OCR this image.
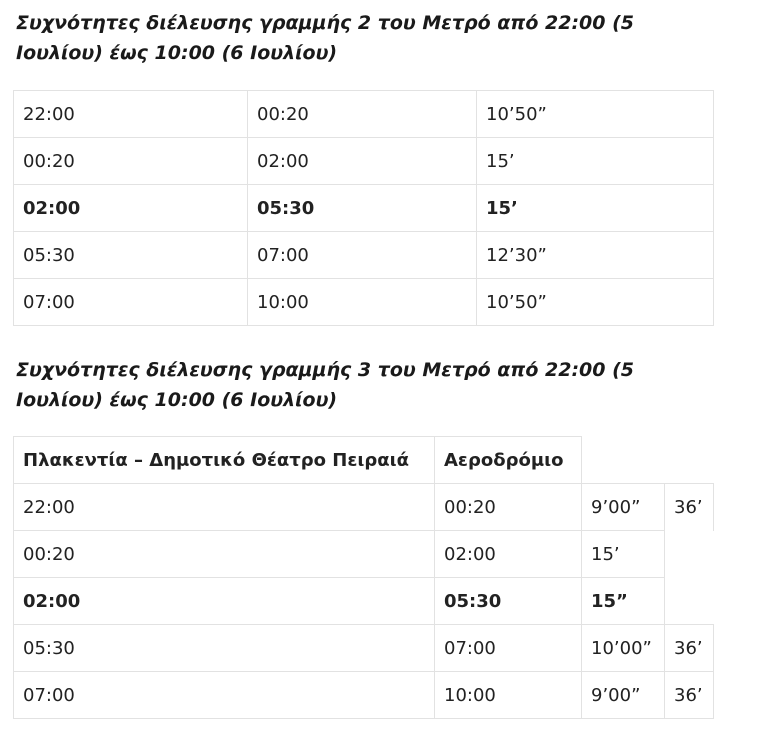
Συχνότητες διέλευσης γραμμής 2 του Μετρό από 22:00 (5 Ιουλίου) έως 10:00 (6 Ιουλίου)

22:00	00:20	10’50”
00:20	02:00	15’
02:00	05:30	15’
05:30	07:00	12’30”
07:00	10:00	10’50”

Συχνότητες διέλευσης γραμμής 3 του Μετρό από 22:00 (5 Ιουλίου) έως 10:00 (6 Ιουλίου)

Πλακεντία – Δημοτικό Θέατρο Πειραιά	Αεροδρόμιο		
22:00	00:20	9’00”	36’
00:20	02:00	15’	
02:00	05:30	15”	
05:30	07:00	10’00”	36’
07:00	10:00	9’00”	36’
